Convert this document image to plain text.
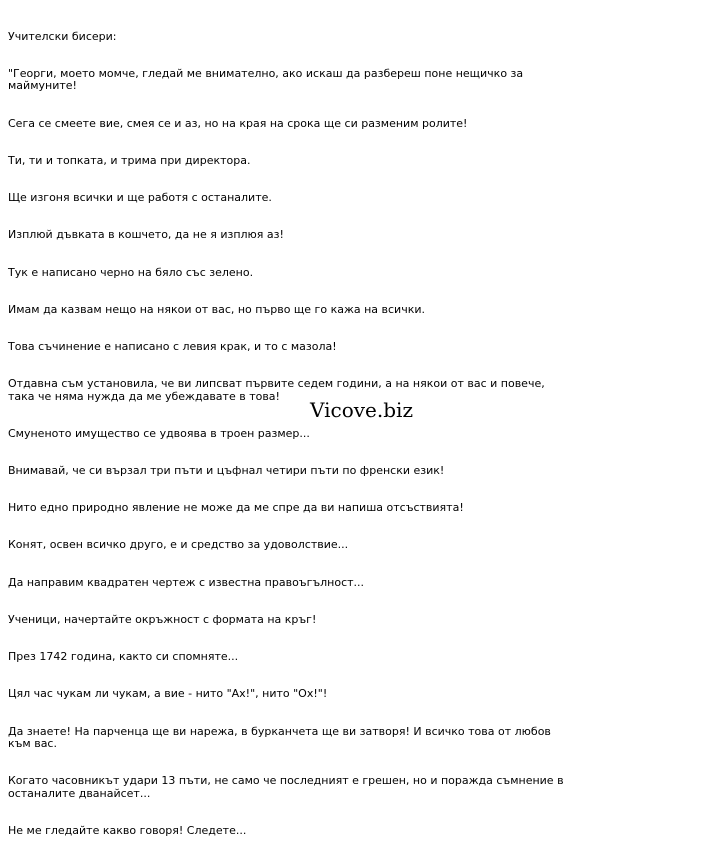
Учителски бисери:

"Георги, моето момче, гледай ме внимателно, ако искаш да разбереш поне нещичко за маймуните!

Сега се смеете вие, смея се и аз, но на края на срока ще си разменим ролите!

Ти, ти и топката, и трима при директора.

Ще изгоня всички и ще работя с останалите.

Изплюй дъвката в кошчето, да не я изплюя аз!

Тук е написано черно на бяло със зелено.

Имам да казвам нещо на някои от вас, но първо ще го кажа на всички.

Това съчинение е написано с левия крак, и то с мазола!

Отдавна съм установила, че ви липсват първите седем години, а на някои от вас и повече, така че няма нужда да ме убеждавате в това!

Смуненото имущество се удвоява в троен размер...

Внимавай, че си вързал три пъти и цъфнал четири пъти по френски език!

Нито едно природно явление не може да ме спре да ви напиша отсъствията!

Конят, освен всичко друго, е и средство за удоволствие...

Да направим квадратен чертеж с известна правоъгълност...

Ученици, начертайте окръжност с формата на кръг!

През 1742 година, както си спомняте...

Цял час чукам ли чукам, а вие - нито "Ах!", нито "Ох!"!

Да знаете! На парченца ще ви нарежа, в бурканчета ще ви затворя! И всичко това от любов към вас.

Когато часовникът удари 13 пъти, не само че последният е грешен, но и поражда съмнение в останалите дванайсет...

Не ме гледайте какво говоря! Следете...

Vicove.biz
